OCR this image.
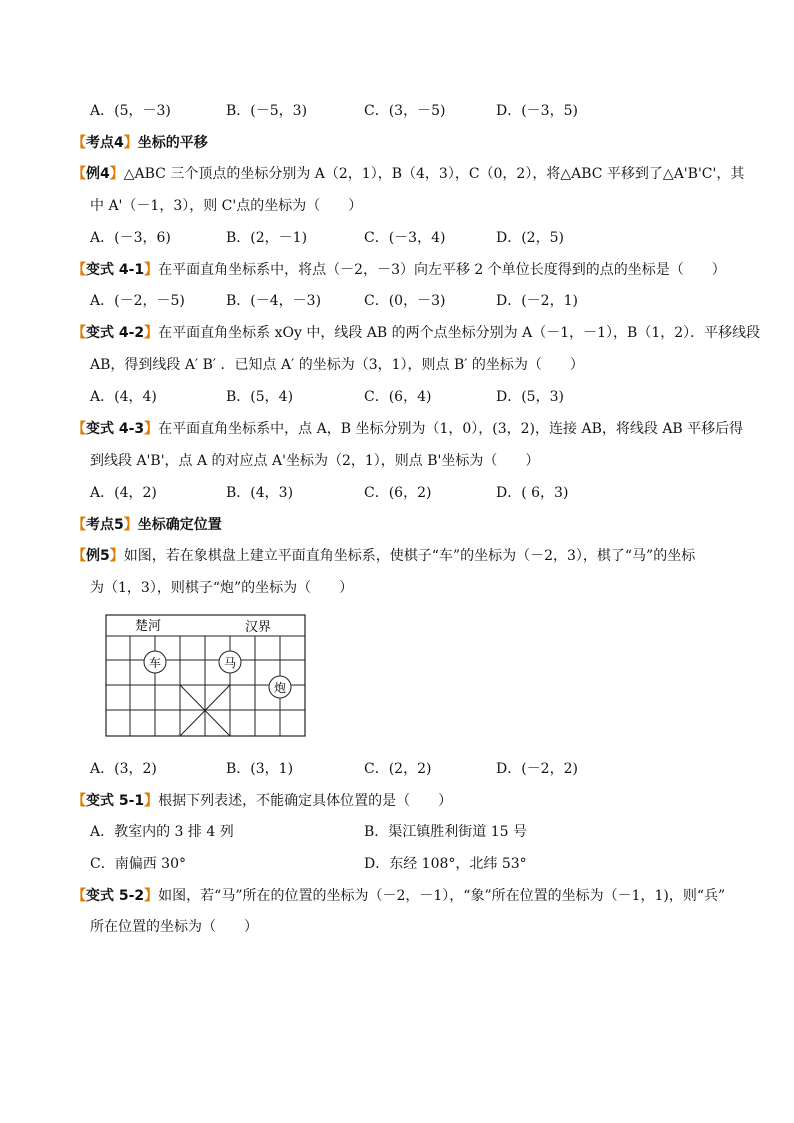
A．(5，－3)	B．(－5，3)	C．(3，－5)	D．(－3，5)
【考点4】坐标的平移
【例4】△ABC 三个顶点的坐标分别为 A（2，1），B（4，3），C（0，2），将△ABC 平移到了△A'B'C'，其
中 A'（－1，3），则 C'点的坐标为（　　）
A．(－3，6)	B．(2，－1)	C．(－3，4)	D．(2，5)
【变式 4-1】在平面直角坐标系中，将点（－2，－3）向左平移 2 个单位长度得到的点的坐标是（　　）
A．(－2，－5)	B．(－4，－3)	C．(0，－3)	D．(－2，1)
【变式 4-2】在平面直角坐标系 xOy 中，线段 AB 的两个点坐标分别为 A（－1，－1），B（1，2）．平移线段
AB，得到线段 A′ B′ ．已知点 A′ 的坐标为（3，1），则点 B′ 的坐标为（　　）
A．(4，4)	B．(5，4)	C．(6，4)	D．(5，3)
【变式 4-3】在平面直角坐标系中，点 A，B 坐标分别为（1，0），(3，2)，连接 AB，将线段 AB 平移后得
到线段 A'B'，点 A 的对应点 A'坐标为（2，1），则点 B'坐标为（　　）
A．(4，2)	B．(4，3)	C．(6，2)	D．( 6，3)
【考点5】坐标确定位置
【例5】如图，若在象棋盘上建立平面直角坐标系，使棋子“车”的坐标为（－2，3），棋了“马”的坐标
为（1，3），则棋子“炮”的坐标为（　　）
楚河	汉界
车	马
炮
A．(3，2)	B．(3，1)	C．(2，2)	D．(－2，2)
【变式 5-1】根据下列表述，不能确定具体位置的是（　　）
A．教室内的 3 排 4 列	B．渠江镇胜利街道 15 号
C．南偏西 30°	D．东经 108°，北纬 53°
【变式 5-2】如图，若“马”所在的位置的坐标为（－2，－1），“象”所在位置的坐标为（－1，1)，则“兵”
所在位置的坐标为（　　）
